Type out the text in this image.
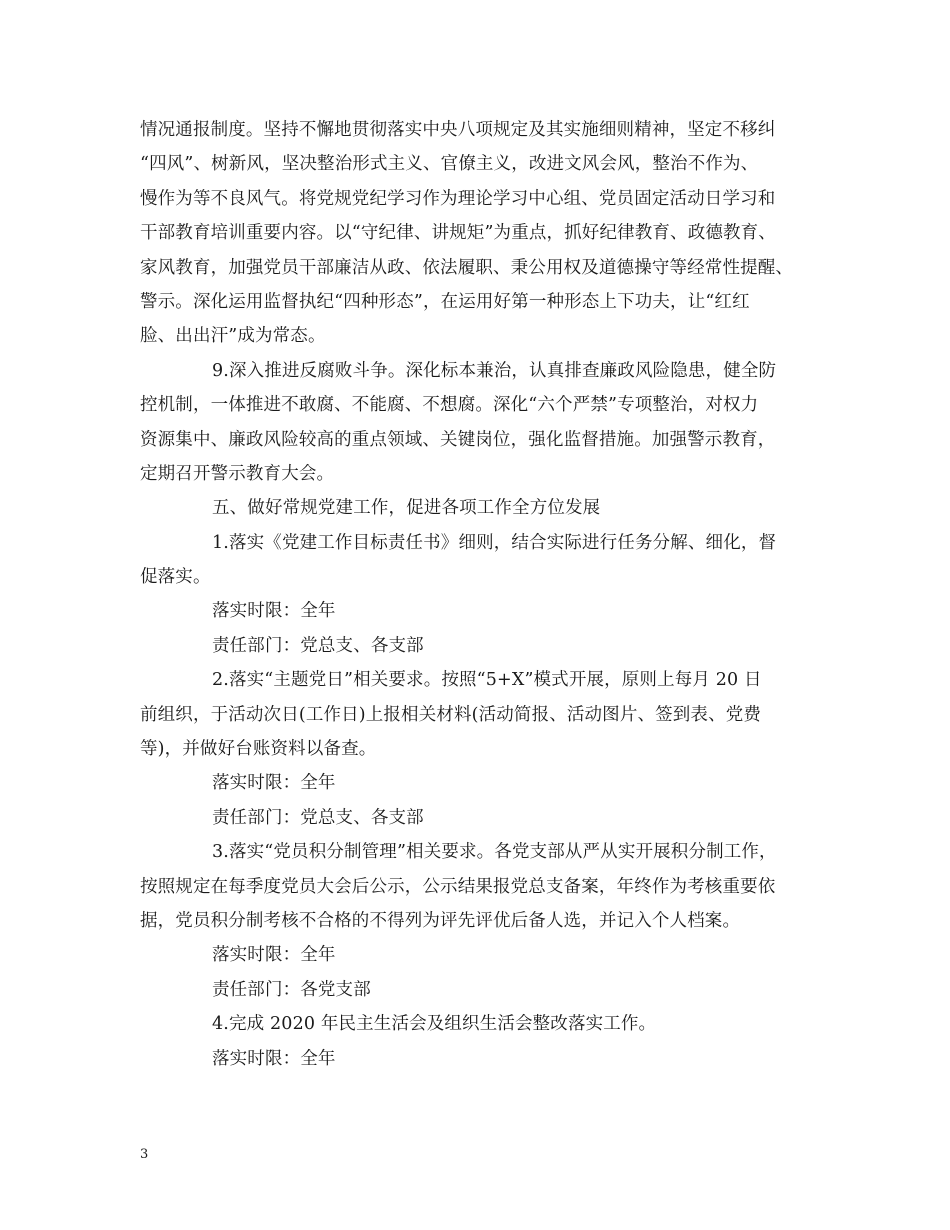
情况通报制度。坚持不懈地贯彻落实中央八项规定及其实施细则精神，坚定不移纠
“四风”、树新风，坚决整治形式主义、官僚主义，改进文风会风，整治不作为、
慢作为等不良风气。将党规党纪学习作为理论学习中心组、党员固定活动日学习和
干部教育培训重要内容。以“守纪律、讲规矩”为重点，抓好纪律教育、政德教育、
家风教育，加强党员干部廉洁从政、依法履职、秉公用权及道德操守等经常性提醒、
警示。深化运用监督执纪“四种形态”，在运用好第一种形态上下功夫，让“红红
脸、出出汗”成为常态。
9.深入推进反腐败斗争。深化标本兼治，认真排查廉政风险隐患，健全防
控机制，一体推进不敢腐、不能腐、不想腐。深化“六个严禁”专项整治，对权力
资源集中、廉政风险较高的重点领域、关键岗位，强化监督措施。加强警示教育，
定期召开警示教育大会。
五、做好常规党建工作，促进各项工作全方位发展
1.落实《党建工作目标责任书》细则，结合实际进行任务分解、细化，督
促落实。
落实时限：全年
责任部门：党总支、各支部
2.落实“主题党日”相关要求。按照“5+X”模式开展，原则上每月 20 日
前组织，于活动次日(工作日)上报相关材料(活动简报、活动图片、签到表、党费
等)，并做好台账资料以备查。
落实时限：全年
责任部门：党总支、各支部
3.落实“党员积分制管理”相关要求。各党支部从严从实开展积分制工作，
按照规定在每季度党员大会后公示，公示结果报党总支备案，年终作为考核重要依
据，党员积分制考核不合格的不得列为评先评优后备人选，并记入个人档案。
落实时限：全年
责任部门：各党支部
4.完成 2020 年民主生活会及组织生活会整改落实工作。
落实时限：全年
3
